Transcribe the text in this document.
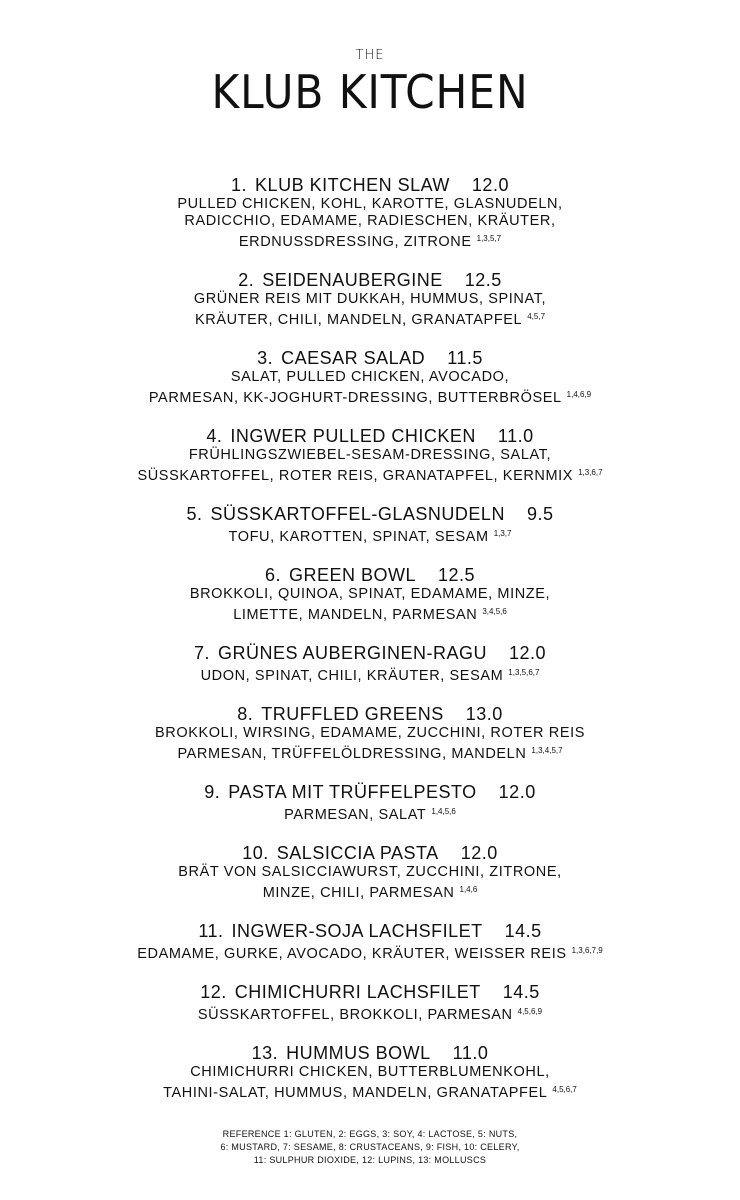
THE
KLUB KITCHEN
1. KLUB KITCHEN SLAW 12.0
PULLED CHICKEN, KOHL, KAROTTE, GLASNUDELN,
RADICCHIO, EDAMAME, RADIESCHEN, KRÄUTER,
ERDNUSSDRESSING, ZITRONE $^{1,3,5,7}$
2. SEIDENAUBERGINE 12.5
GRÜNER REIS MIT DUKKAH, HUMMUS, SPINAT,
KRÄUTER, CHILI, MANDELN, GRANATAPFEL $^{4,5,7}$
3. CAESAR SALAD 11.5
SALAT, PULLED CHICKEN, AVOCADO,
PARMESAN, KK-JOGHURT-DRESSING, BUTTERBRÖSEL $^{1,4,6,9}$
4. INGWER PULLED CHICKEN 11.0
FRÜHLINGSZWIEBEL-SESAM-DRESSING, SALAT,
SÜSSKARTOFFEL, ROTER REIS, GRANATAPFEL, KERNMIX $^{1,3,6,7}$
5. SÜSSKARTOFFEL-GLASNUDELN 9.5
TOFU, KAROTTEN, SPINAT, SESAM $^{1,3,7}$
6. GREEN BOWL 12.5
BROKKOLI, QUINOA, SPINAT, EDAMAME, MINZE,
LIMETTE, MANDELN, PARMESAN $^{3,4,5,6}$
7. GRÜNES AUBERGINEN-RAGU 12.0
UDON, SPINAT, CHILI, KRÄUTER, SESAM $^{1,3,5,6,7}$
8. TRUFFLED GREENS 13.0
BROKKOLI, WIRSING, EDAMAME, ZUCCHINI, ROTER REIS
PARMESAN, TRÜFFELÖLDRESSING, MANDELN $^{1,3,4,5,7}$
9. PASTA MIT TRÜFFELPESTO 12.0
PARMESAN, SALAT $^{1,4,5,6}$
10. SALSICCIA PASTA 12.0
BRÄT VON SALSICCIAWURST, ZUCCHINI, ZITRONE,
MINZE, CHILI, PARMESAN $^{1,4,6}$
11. INGWER-SOJA LACHSFILET 14.5
EDAMAME, GURKE, AVOCADO, KRÄUTER, WEISSER REIS $^{1,3,6,7,9}$
12. CHIMICHURRI LACHSFILET 14.5
SÜSSKARTOFFEL, BROKKOLI, PARMESAN $^{4,5,6,9}$
13. HUMMUS BOWL 11.0
CHIMICHURRI CHICKEN, BUTTERBLUMENKOHL,
TAHINI-SALAT, HUMMUS, MANDELN, GRANATAPFEL $^{4,5,6,7}$
REFERENCE 1: GLUTEN, 2: EGGS, 3: SOY, 4: LACTOSE, 5: NUTS,
6: MUSTARD, 7: SESAME, 8: CRUSTACEANS, 9: FISH, 10: CELERY,
11: SULPHUR DIOXIDE, 12: LUPINS, 13: MOLLUSCS
